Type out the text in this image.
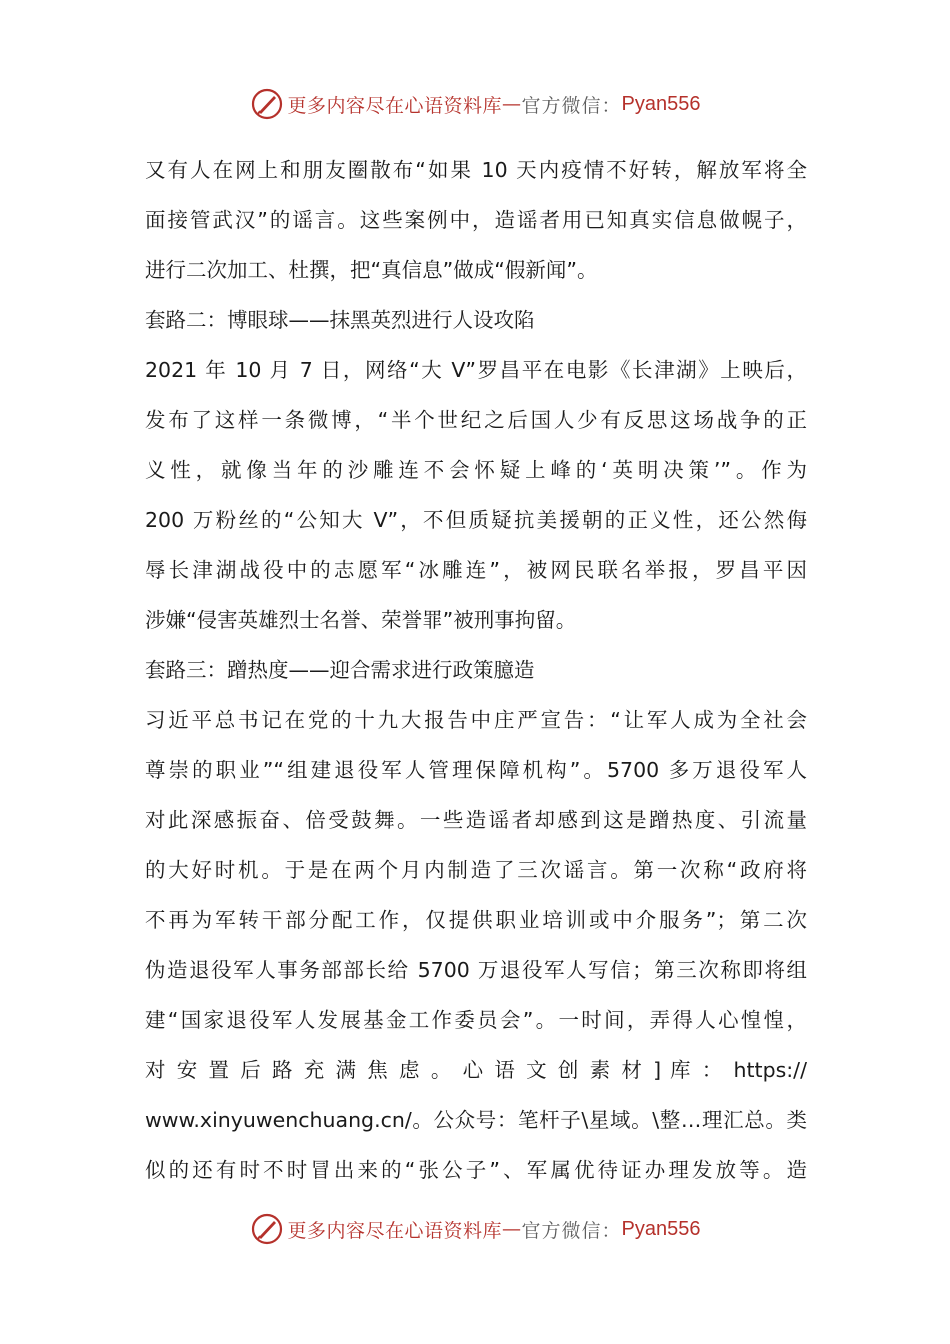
更多内容尽在心语资料库 — 官方微信： Pyan556
又有人在网上和朋友圈散布“如果 10 天内疫情不好转，解放军将全
面接管武汉”的谣言。这些案例中，造谣者用已知真实信息做幌子，
进行二次加工、杜撰，把“真信息”做成“假新闻”。
套路二：博眼球——抹黑英烈进行人设攻陷
2021 年 10 月 7 日，网络“大 V”罗昌平在电影《长津湖》上映后，
发布了这样一条微博，“半个世纪之后国人少有反思这场战争的正
义性，就像当年的沙雕连不会怀疑上峰的‘英明决策’”。作为
200 万粉丝的“公知大 V”，不但质疑抗美援朝的正义性，还公然侮
辱长津湖战役中的志愿军“冰雕连”，被网民联名举报，罗昌平因
涉嫌“侵害英雄烈士名誉、荣誉罪”被刑事拘留。
套路三：蹭热度——迎合需求进行政策臆造
习近平总书记在党的十九大报告中庄严宣告：“让军人成为全社会
尊崇的职业”“组建退役军人管理保障机构”。5700 多万退役军人
对此深感振奋、倍受鼓舞。一些造谣者却感到这是蹭热度、引流量
的大好时机。于是在两个月内制造了三次谣言。第一次称“政府将
不再为军转干部分配工作，仅提供职业培训或中介服务”；第二次
伪造退役军人事务部部长给 5700 万退役军人写信；第三次称即将组
建“国家退役军人发展基金工作委员会”。一时间，弄得人心惶惶，
对 安 置 后 路 充 满 焦 虑 。 心 语 文 创 素 材 ] 库 ： https://
www.xinyuwenchuang.cn/。公众号：笔杆子\星域。\整…理汇总。类
似的还有时不时冒出来的“张公子”、军属优待证办理发放等。造
更多内容尽在心语资料库 — 官方微信： Pyan556
